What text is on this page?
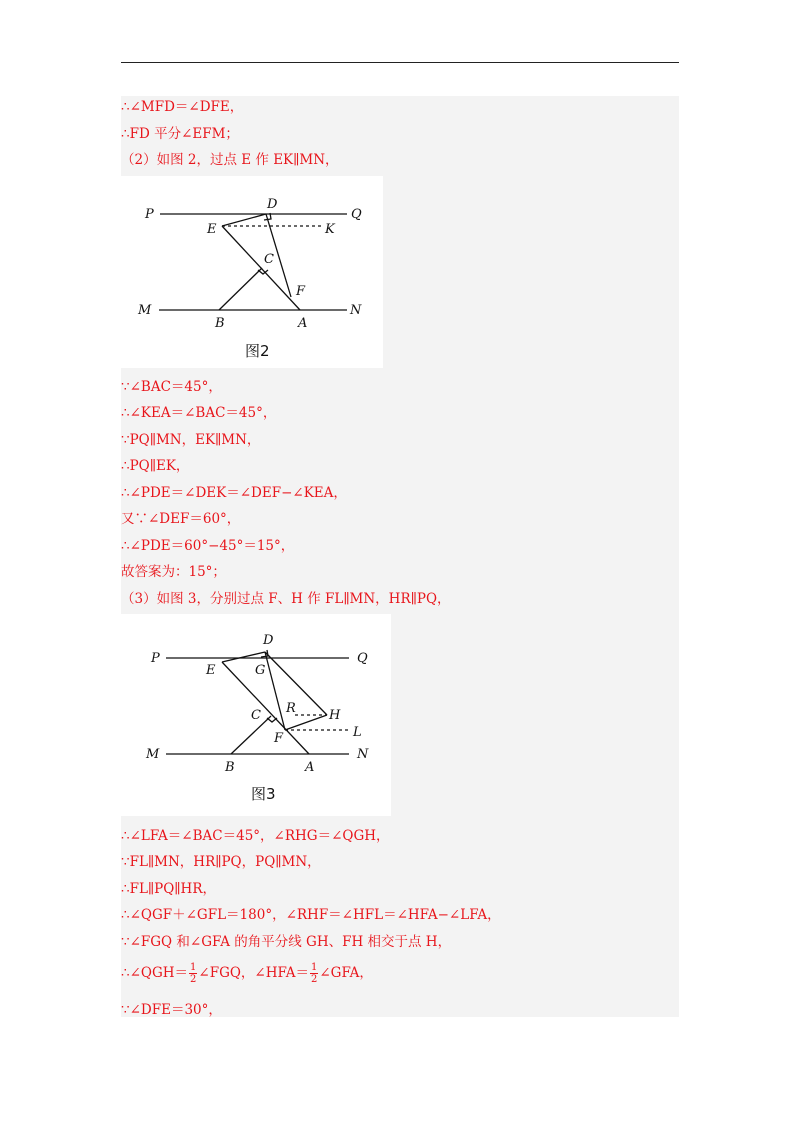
∴∠MFD＝∠DFE，
∴FD 平分∠EFM；
（2）如图 2，过点 E 作 EK∥MN，
P
D
Q
E	K
C
F
M
B	A
N
图2
∵∠BAC＝45°，
∴∠KEA＝∠BAC＝45°，
∵PQ∥MN，EK∥MN，
∴PQ∥EK，
∴∠PDE＝∠DEK＝∠DEF−∠KEA，
又∵∠DEF＝60°，
∴∠PDE＝60°−45°＝15°，
故答案为：15°；
（3）如图 3，分别过点 F、H 作 FL∥MN，HR∥PQ，
P
D
Q
E	G
R	H
C
F	L
M
B	A
N
图3
∴∠LFA＝∠BAC＝45°，∠RHG＝∠QGH，
∵FL∥MN，HR∥PQ，PQ∥MN，
∴FL∥PQ∥HR，
∴∠QGF＋∠GFL＝180°，∠RHF＝∠HFL＝∠HFA−∠LFA，
∵∠FGQ 和∠GFA 的角平分线 GH、FH 相交于点 H，
∴∠QGH＝ $\frac{1}{2}$ ∠FGQ，∠HFA＝ $\frac{1}{2}$ ∠GFA，
∵∠DFE＝30°，
